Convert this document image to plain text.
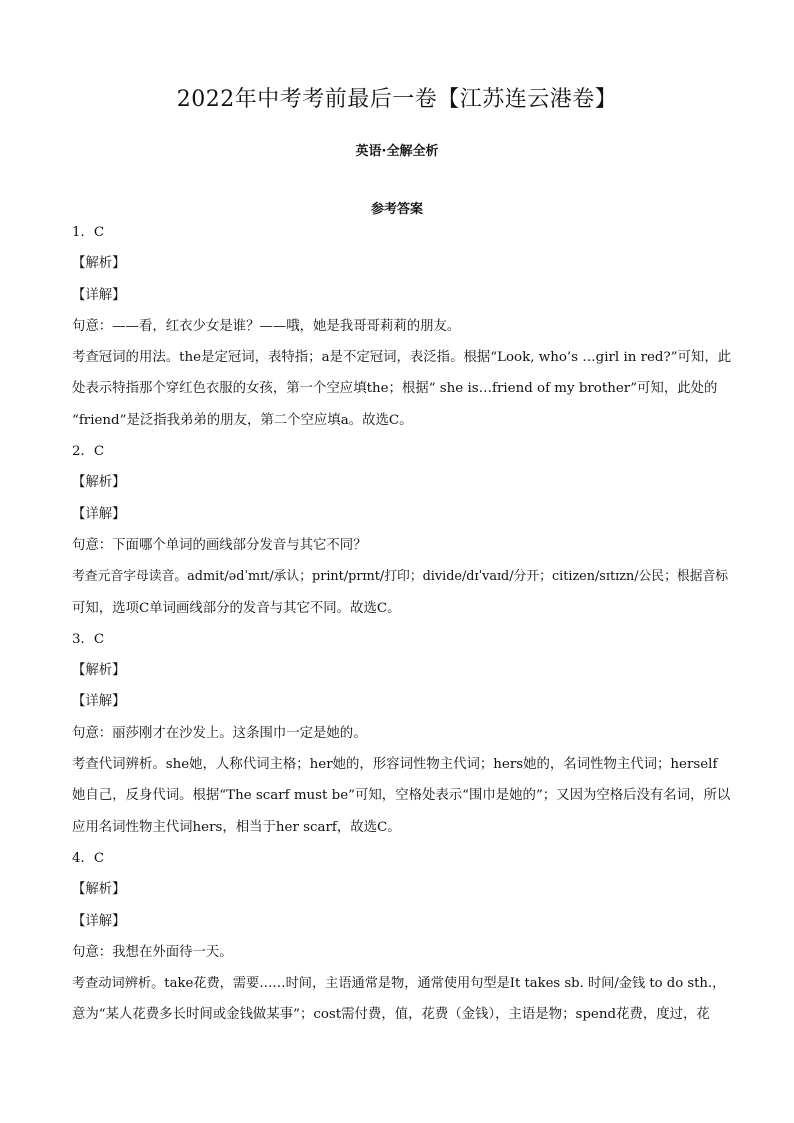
2022年中考考前最后一卷【江苏连云港卷】
英语·全解全析
参考答案
1．C
【解析】
【详解】
句意：——看，红衣少女是谁？——哦，她是我哥哥莉莉的朋友。
考查冠词的用法。the是定冠词，表特指；a是不定冠词，表泛指。根据“Look, who’s …girl in red?”可知，此
处表示特指那个穿红色衣服的女孩，第一个空应填the；根据“ she is…friend of my brother”可知，此处的
“friend”是泛指我弟弟的朋友，第二个空应填a。故选C。
2．C
【解析】
【详解】
句意：下面哪个单词的画线部分发音与其它不同？
考查元音字母读音。admit/ədˈmɪt/承认；print/prɪnt/打印；divide/dɪˈvaɪd/分开；citizen/sɪtɪzn/公民；根据音标
可知，选项C单词画线部分的发音与其它不同。故选C。
3．C
【解析】
【详解】
句意：丽莎刚才在沙发上。这条围巾一定是她的。
考查代词辨析。she她，人称代词主格；her她的，形容词性物主代词；hers她的，名词性物主代词；herself
她自己，反身代词。根据“The scarf must be”可知，空格处表示“围巾是她的”；又因为空格后没有名词，所以
应用名词性物主代词hers，相当于her scarf，故选C。
4．C
【解析】
【详解】
句意：我想在外面待一天。
考查动词辨析。take花费，需要……时间，主语通常是物，通常使用句型是It takes sb. 时间/金钱 to do sth.，
意为“某人花费多长时间或金钱做某事”；cost需付费，值，花费（金钱），主语是物；spend花费，度过，花
